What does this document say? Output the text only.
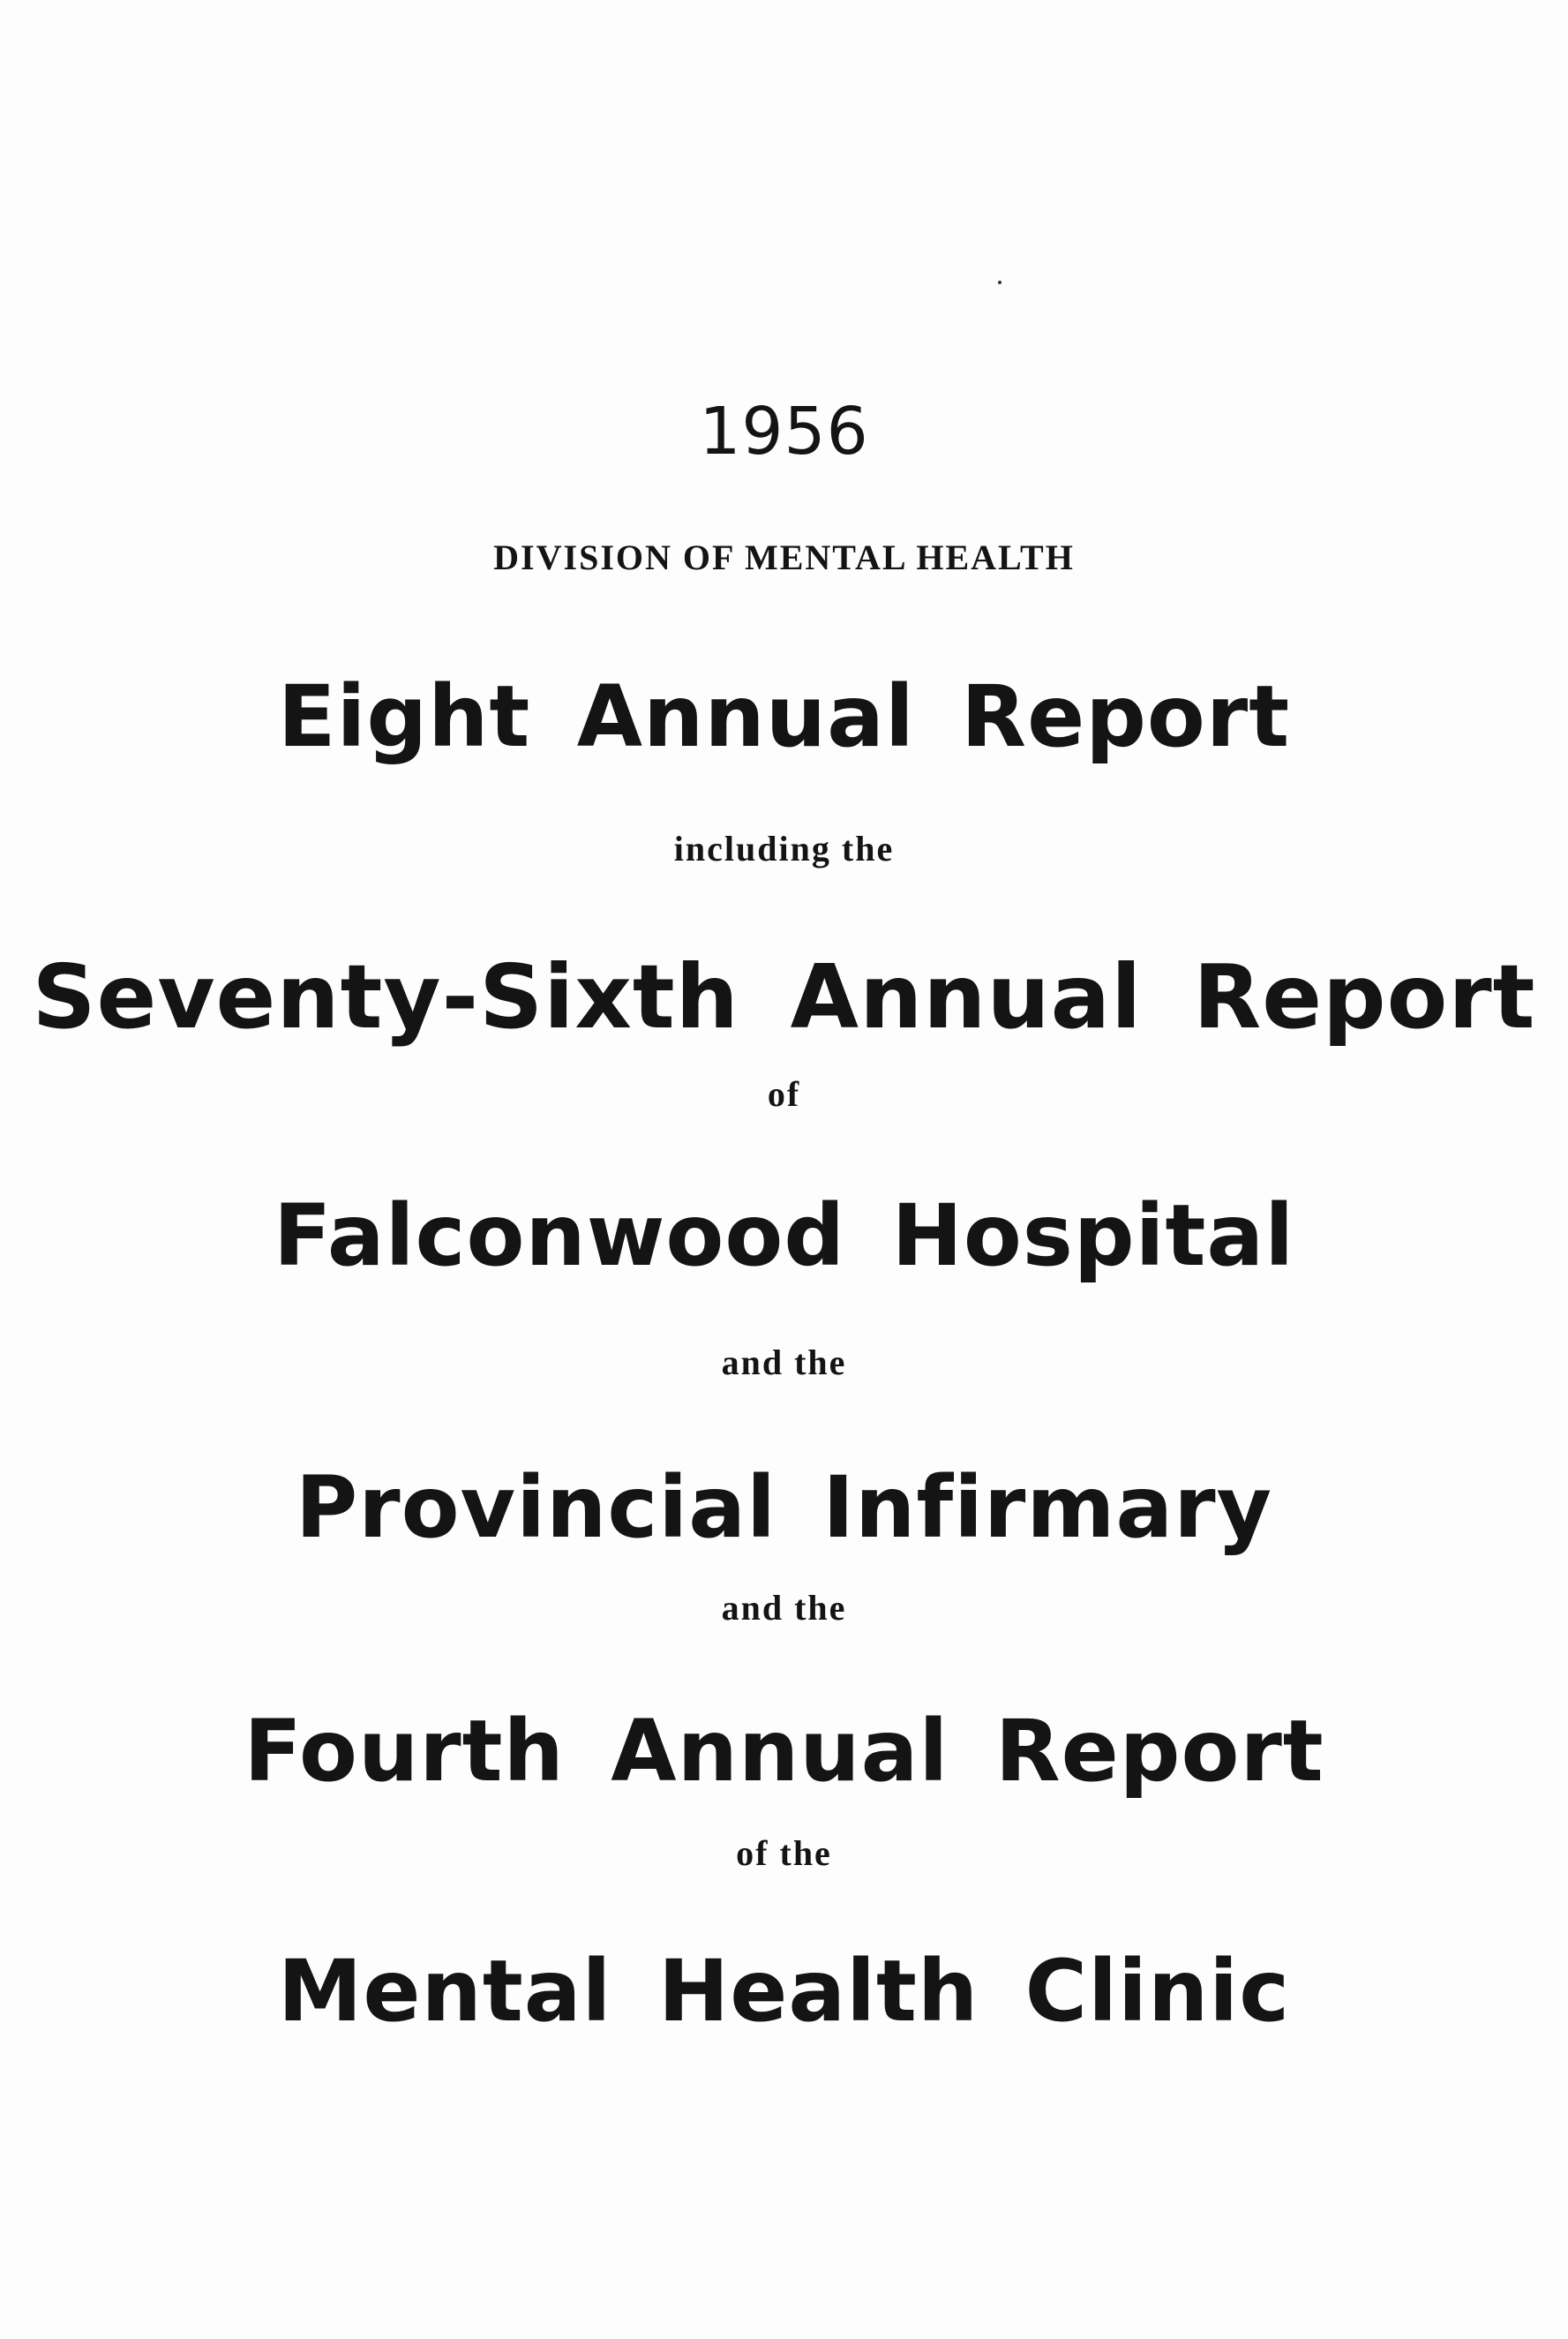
1956

DIVISION OF MENTAL HEALTH

Eight Annual Report

including the

Seventy-Sixth Annual Report

of

Falconwood Hospital

and the

Provincial Infirmary

and the

Fourth Annual Report

of the

Mental Health Clinic
